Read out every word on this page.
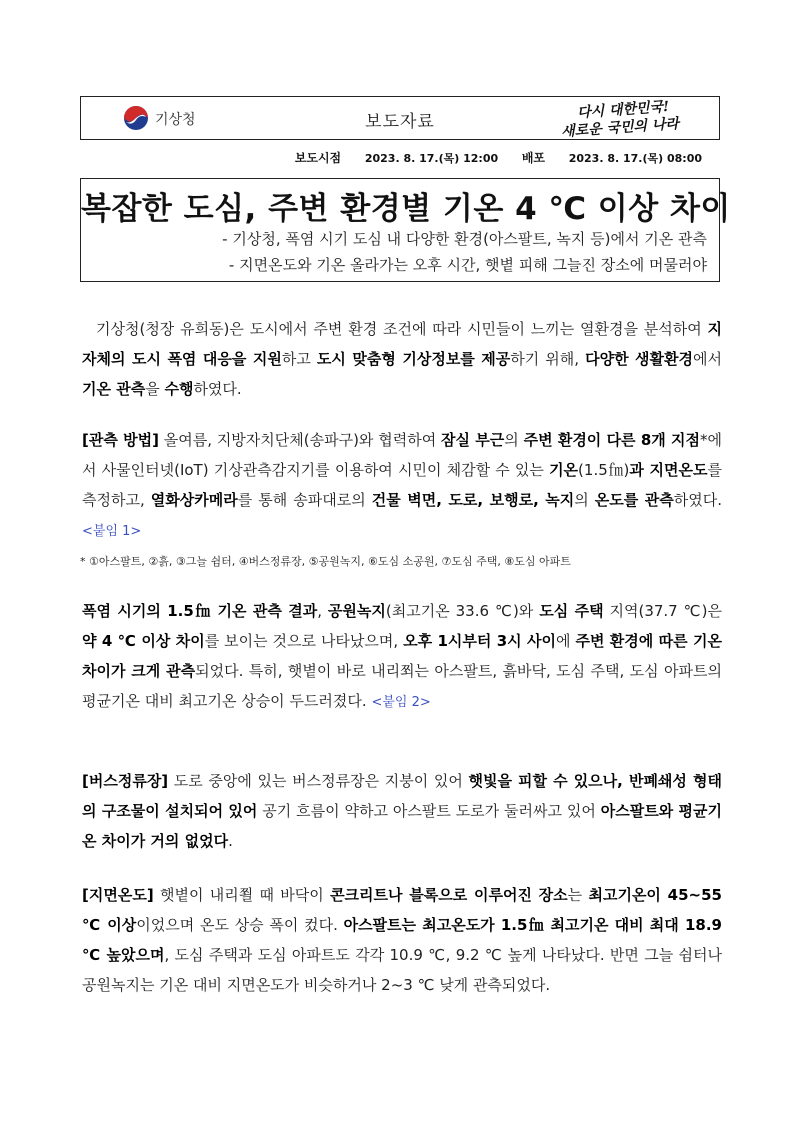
기상청	보도자료
다시 대한민국!
새로운 국민의 나라
보도시점 2023. 8. 17.(목) 12:00 배포 2023. 8. 17.(목) 08:00
복잡한 도심, 주변 환경별 기온 4 ℃ 이상 차이
- 기상청, 폭염 시기 도심 내 다양한 환경(아스팔트, 녹지 등)에서 기온 관측
- 지면온도와 기온 올라가는 오후 시간, 햇볕 피해 그늘진 장소에 머물러야
기상청(청장 유희동)은 도시에서 주변 환경 조건에 따라 시민들이 느끼는 열환경을 분석하여 지자체의 도시 폭염 대응을 지원하고 도시 맞춤형 기상정보를 제공하기 위해, 다양한 생활환경에서 기온 관측을 수행하였다.
[관측 방법] 올여름, 지방자치단체(송파구)와 협력하여 잠실 부근의 주변 환경이 다른 8개 지점*에서 사물인터넷(IoT) 기상관측감지기를 이용하여 시민이 체감할 수 있는 기온(1.5㎙)과 지면온도를 측정하고, 열화상카메라를 통해 송파대로의 건물 벽면, 도로, 보행로, 녹지의 온도를 관측하였다. <붙임 1>
* ①아스팔트, ②흙, ③그늘 쉼터, ④버스정류장, ⑤공원녹지, ⑥도심 소공원, ⑦도심 주택, ⑧도심 아파트
폭염 시기의 1.5㎙ 기온 관측 결과, 공원녹지(최고기온 33.6 ℃)와 도심 주택 지역(37.7 ℃)은 약 4 ℃ 이상 차이를 보이는 것으로 나타났으며, 오후 1시부터 3시 사이에 주변 환경에 따른 기온 차이가 크게 관측되었다. 특히, 햇볕이 바로 내리쬐는 아스팔트, 흙바닥, 도심 주택, 도심 아파트의 평균기온 대비 최고기온 상승이 두드러졌다. <붙임 2>
[버스정류장] 도로 중앙에 있는 버스정류장은 지붕이 있어 햇빛을 피할 수 있으나, 반폐쇄성 형태의 구조물이 설치되어 있어 공기 흐름이 약하고 아스팔트 도로가 둘러싸고 있어 아스팔트와 평균기온 차이가 거의 없었다.
[지면온도] 햇볕이 내리쬘 때 바닥이 콘크리트나 블록으로 이루어진 장소는 최고기온이 45~55 ℃ 이상이었으며 온도 상승 폭이 컸다. 아스팔트는 최고온도가 1.5㎙ 최고기온 대비 최대 18.9 ℃ 높았으며, 도심 주택과 도심 아파트도 각각 10.9 ℃, 9.2 ℃ 높게 나타났다. 반면 그늘 쉼터나 공원녹지는 기온 대비 지면온도가 비슷하거나 2~3 ℃ 낮게 관측되었다.
